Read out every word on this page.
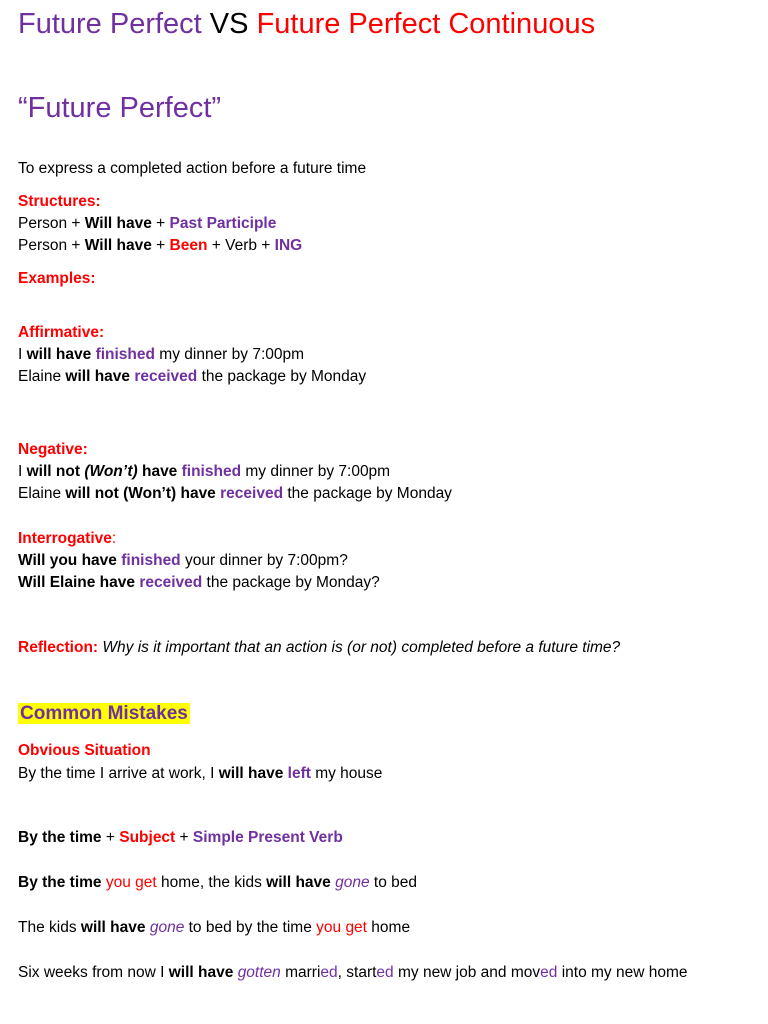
Future Perfect VS Future Perfect Continuous
“Future Perfect”
To express a completed action before a future time
Structures:
Person + Will have + Past Participle
Person + Will have + Been + Verb + ING
Examples:
Affirmative:
I will have finished my dinner by 7:00pm
Elaine will have received the package by Monday
Negative:
I will not (Won’t) have finished my dinner by 7:00pm
Elaine will not (Won’t) have received the package by Monday
Interrogative:
Will you have finished your dinner by 7:00pm?
Will Elaine have received the package by Monday?
Reflection: Why is it important that an action is (or not) completed before a future time?
Common Mistakes
Obvious Situation
By the time I arrive at work, I will have left my house
By the time + Subject + Simple Present Verb
By the time you get home, the kids will have gone to bed
The kids will have gone to bed by the time you get home
Six weeks from now I will have gotten married, started my new job and moved into my new home
